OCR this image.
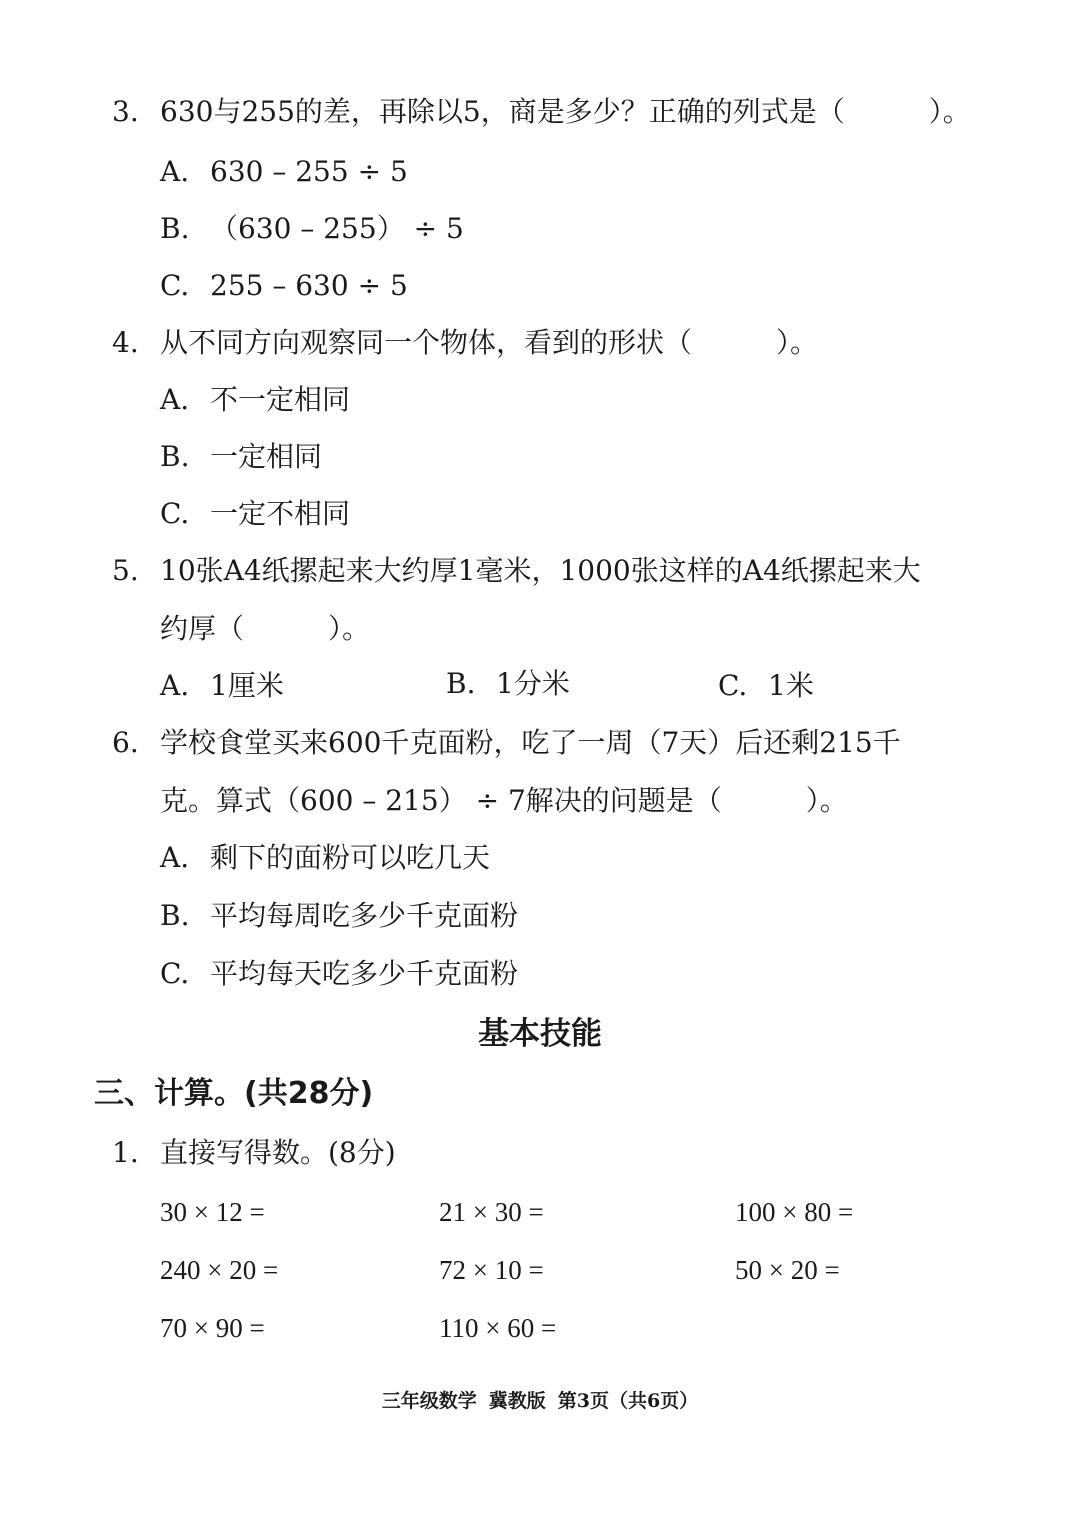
3. 630与255的差，再除以5，商是多少？正确的列式是（　　　）。
A. 630 – 255 ÷ 5
B. （630 – 255） ÷ 5
C. 255 – 630 ÷ 5
4. 从不同方向观察同一个物体，看到的形状（　　　）。
A. 不一定相同
B. 一定相同
C. 一定不相同
5. 10张A4纸摞起来大约厚1毫米，1000张这样的A4纸摞起来大
约厚（　　　）。
A. 1厘米	B. 1分米	C. 1米
6. 学校食堂买来600千克面粉，吃了一周（7天）后还剩215千
克。算式（600 – 215） ÷ 7解决的问题是（　　　）。
A. 剩下的面粉可以吃几天
B. 平均每周吃多少千克面粉
C. 平均每天吃多少千克面粉
基本技能
三、计算。(共28分)
1. 直接写得数。(8分)
30 × 12 =	21 × 30 =	100 × 80 =
240 × 20 =	72 × 10 =	50 × 20 =
70 × 90 =	110 × 60 =
三年级数学 冀教版 第3页（共6页）
